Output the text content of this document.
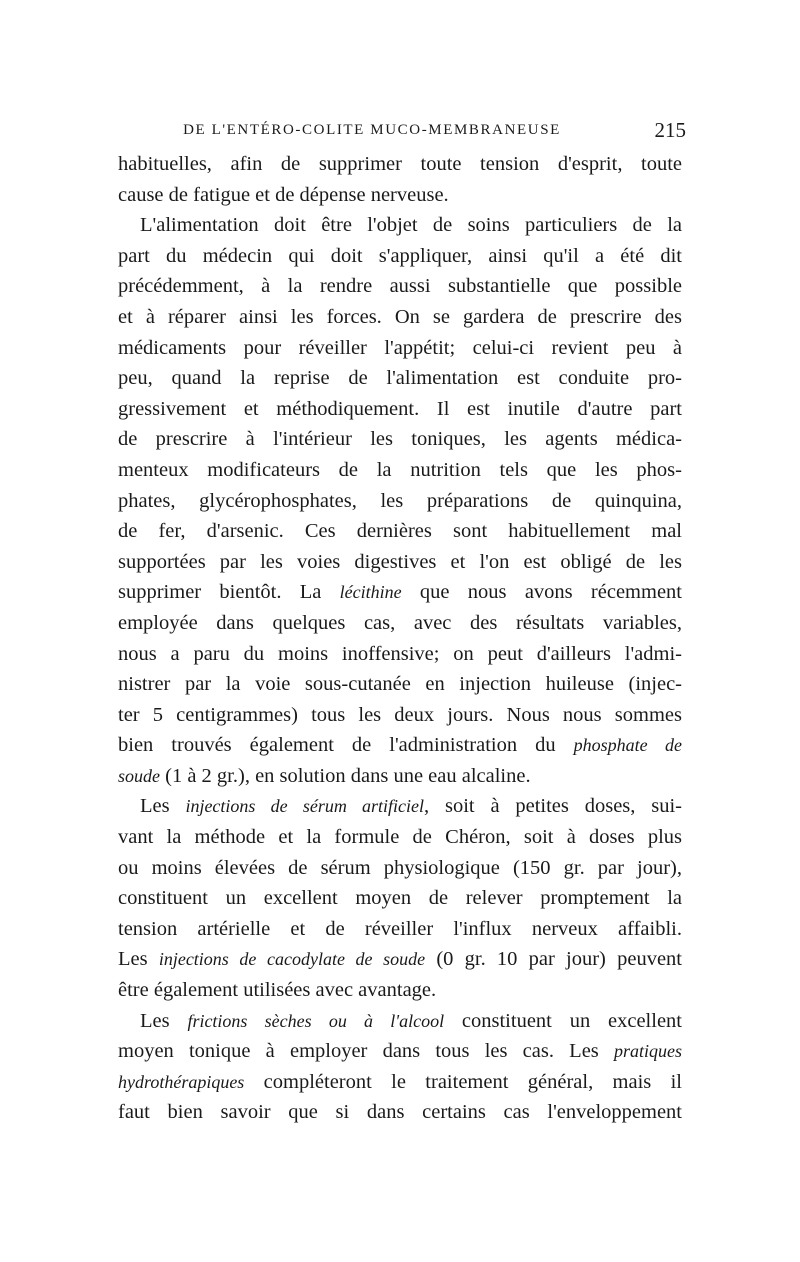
DE L'ENTÉRO-COLITE MUCO-MEMBRANEUSE	215
habituelles, afin de supprimer toute tension d'esprit, toute
cause de fatigue et de dépense nerveuse.
L'alimentation doit être l'objet de soins particuliers de la
part du médecin qui doit s'appliquer, ainsi qu'il a été dit
précédemment, à la rendre aussi substantielle que possible
et à réparer ainsi les forces. On se gardera de prescrire des
médicaments pour réveiller l'appétit; celui-ci revient peu à
peu, quand la reprise de l'alimentation est conduite pro-
gressivement et méthodiquement. Il est inutile d'autre part
de prescrire à l'intérieur les toniques, les agents médica-
menteux modificateurs de la nutrition tels que les phos-
phates, glycérophosphates, les préparations de quinquina,
de fer, d'arsenic. Ces dernières sont habituellement mal
supportées par les voies digestives et l'on est obligé de les
supprimer bientôt. La lécithine que nous avons récemment
employée dans quelques cas, avec des résultats variables,
nous a paru du moins inoffensive; on peut d'ailleurs l'admi-
nistrer par la voie sous-cutanée en injection huileuse (injec-
ter 5 centigrammes) tous les deux jours. Nous nous sommes
bien trouvés également de l'administration du phosphate de
soude (1 à 2 gr.), en solution dans une eau alcaline.
Les injections de sérum artificiel, soit à petites doses, sui-
vant la méthode et la formule de Chéron, soit à doses plus
ou moins élevées de sérum physiologique (150 gr. par jour),
constituent un excellent moyen de relever promptement la
tension artérielle et de réveiller l'influx nerveux affaibli.
Les injections de cacodylate de soude (0 gr. 10 par jour) peuvent
être également utilisées avec avantage.
Les frictions sèches ou à l'alcool constituent un excellent
moyen tonique à employer dans tous les cas. Les pratiques
hydrothérapiques compléteront le traitement général, mais il
faut bien savoir que si dans certains cas l'enveloppement
